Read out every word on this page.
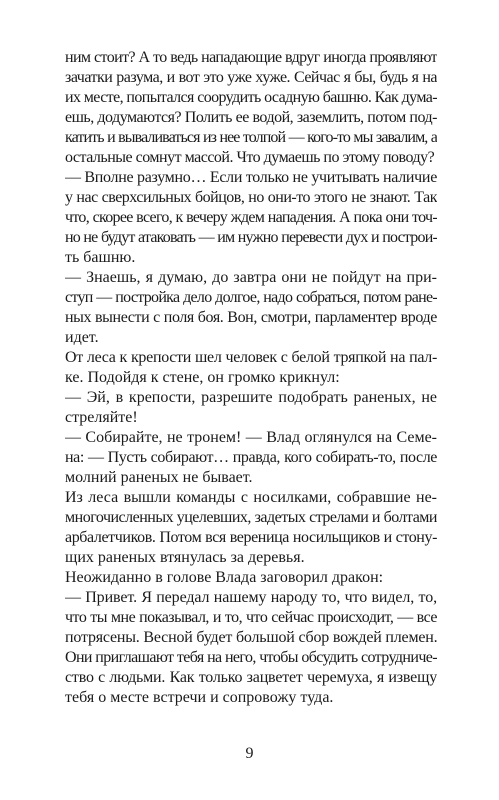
ним стоит? А то ведь нападающие вдруг иногда проявляют
зачатки разума, и вот это уже хуже. Сейчас я бы, будь я на
их месте, попытался соорудить осадную башню. Как дума-
ешь, додумаются? Полить ее водой, заземлить, потом под-
катить и вываливаться из нее толпой — кого-то мы завалим, а
остальные сомнут массой. Что думаешь по этому поводу?
— Вполне разумно… Если только не учитывать наличие
у нас сверхсильных бойцов, но они-то этого не знают. Так
что, скорее всего, к вечеру ждем нападения. А пока они точ-
но не будут атаковать — им нужно перевести дух и построи-
ть башню.
— Знаешь, я думаю, до завтра они не пойдут на при-
ступ — постройка дело долгое, надо собраться, потом ране-
ных вынести с поля боя. Вон, смотри, парламентер вроде
идет.
От леса к крепости шел человек с белой тряпкой на пал-
ке. Подойдя к стене, он громко крикнул:
— Эй, в крепости, разрешите подобрать раненых, не
стреляйте!
— Собирайте, не тронем! — Влад оглянулся на Семе-
на: — Пусть собирают… правда, кого собирать-то, после
молний раненых не бывает.
Из леса вышли команды с носилками, собравшие не-
многочисленных уцелевших, задетых стрелами и болтами
арбалетчиков. Потом вся вереница носильщиков и стону-
щих раненых втянулась за деревья.
Неожиданно в голове Влада заговорил дракон:
— Привет. Я передал нашему народу то, что видел, то,
что ты мне показывал, и то, что сейчас происходит, — все
потрясены. Весной будет большой сбор вождей племен.
Они приглашают тебя на него, чтобы обсудить сотрудниче-
ство с людьми. Как только зацветет черемуха, я извещу
тебя о месте встречи и сопровожу туда.
9
